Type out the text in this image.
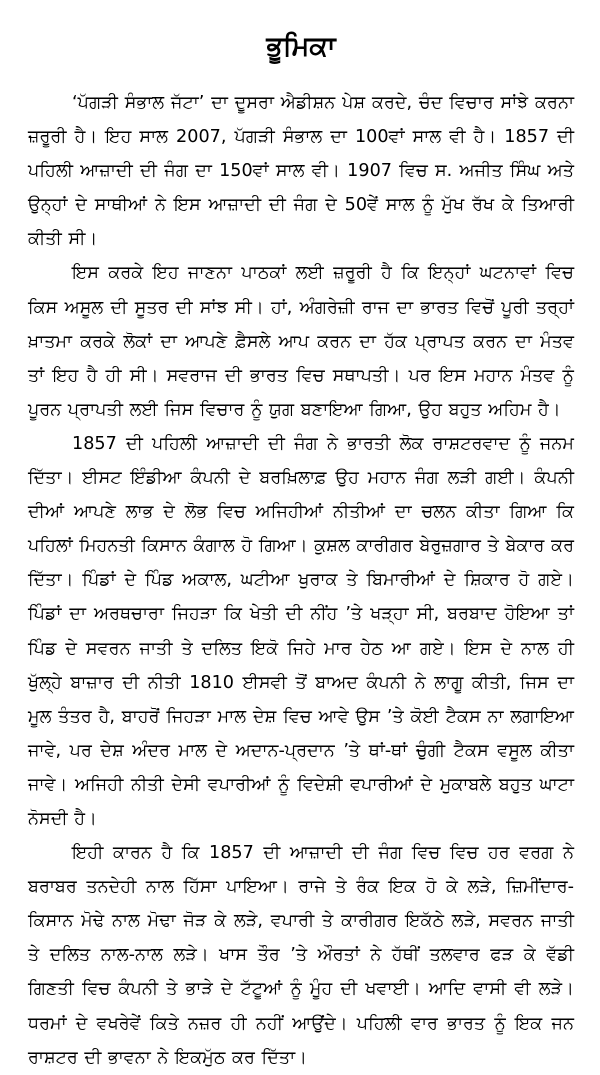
ਭੂਮਿਕਾ

‘ਪੱਗੜੀ ਸੰਭਾਲ ਜੱਟਾ’ ਦਾ ਦੂਸਰਾ ਐਡੀਸ਼ਨ ਪੇਸ਼ ਕਰਦੇ, ਚੰਦ ਵਿਚਾਰ ਸਾਂਝੇ ਕਰਨਾ ਜ਼ਰੂਰੀ ਹੈ। ਇਹ ਸਾਲ 2007, ਪੱਗੜੀ ਸੰਭਾਲ ਦਾ 100ਵਾਂ ਸਾਲ ਵੀ ਹੈ। 1857 ਦੀ ਪਹਿਲੀ ਆਜ਼ਾਦੀ ਦੀ ਜੰਗ ਦਾ 150ਵਾਂ ਸਾਲ ਵੀ। 1907 ਵਿਚ ਸ. ਅਜੀਤ ਸਿੰਘ ਅਤੇ ਉਨ੍ਹਾਂ ਦੇ ਸਾਥੀਆਂ ਨੇ ਇਸ ਆਜ਼ਾਦੀ ਦੀ ਜੰਗ ਦੇ 50ਵੇਂ ਸਾਲ ਨੂੰ ਮੁੱਖ ਰੱਖ ਕੇ ਤਿਆਰੀ ਕੀਤੀ ਸੀ।

ਇਸ ਕਰਕੇ ਇਹ ਜਾਣਨਾ ਪਾਠਕਾਂ ਲਈ ਜ਼ਰੂਰੀ ਹੈ ਕਿ ਇਨ੍ਹਾਂ ਘਟਨਾਵਾਂ ਵਿਚ ਕਿਸ ਅਸੂਲ ਦੀ ਸੂਤਰ ਦੀ ਸਾਂਝ ਸੀ। ਹਾਂ, ਅੰਗਰੇਜ਼ੀ ਰਾਜ ਦਾ ਭਾਰਤ ਵਿਚੋਂ ਪੂਰੀ ਤਰ੍ਹਾਂ ਖ਼ਾਤਮਾ ਕਰਕੇ ਲੋਕਾਂ ਦਾ ਆਪਣੇ ਫ਼ੈਸਲੇ ਆਪ ਕਰਨ ਦਾ ਹੱਕ ਪ੍ਰਾਪਤ ਕਰਨ ਦਾ ਮੰਤਵ ਤਾਂ ਇਹ ਹੈ ਹੀ ਸੀ। ਸਵਰਾਜ ਦੀ ਭਾਰਤ ਵਿਚ ਸਥਾਪਤੀ। ਪਰ ਇਸ ਮਹਾਨ ਮੰਤਵ ਨੂੰ ਪੂਰਨ ਪ੍ਰਾਪਤੀ ਲਈ ਜਿਸ ਵਿਚਾਰ ਨੂੰ ਯੁਗ ਬਣਾਇਆ ਗਿਆ, ਉਹ ਬਹੁਤ ਅਹਿਮ ਹੈ।

1857 ਦੀ ਪਹਿਲੀ ਆਜ਼ਾਦੀ ਦੀ ਜੰਗ ਨੇ ਭਾਰਤੀ ਲੋਕ ਰਾਸ਼ਟਰਵਾਦ ਨੂੰ ਜਨਮ ਦਿੱਤਾ। ਈਸਟ ਇੰਡੀਆ ਕੰਪਨੀ ਦੇ ਬਰਖ਼ਿਲਾਫ਼ ਉਹ ਮਹਾਨ ਜੰਗ ਲੜੀ ਗਈ। ਕੰਪਨੀ ਦੀਆਂ ਆਪਣੇ ਲਾਭ ਦੇ ਲੋਭ ਵਿਚ ਅਜਿਹੀਆਂ ਨੀਤੀਆਂ ਦਾ ਚਲਨ ਕੀਤਾ ਗਿਆ ਕਿ ਪਹਿਲਾਂ ਮਿਹਨਤੀ ਕਿਸਾਨ ਕੰਗਾਲ ਹੋ ਗਿਆ। ਕੁਸ਼ਲ ਕਾਰੀਗਰ ਬੇਰੁਜ਼ਗਾਰ ਤੇ ਬੇਕਾਰ ਕਰ ਦਿੱਤਾ। ਪਿੰਡਾਂ ਦੇ ਪਿੰਡ ਅਕਾਲ, ਘਟੀਆ ਖੁਰਾਕ ਤੇ ਬਿਮਾਰੀਆਂ ਦੇ ਸ਼ਿਕਾਰ ਹੋ ਗਏ। ਪਿੰਡਾਂ ਦਾ ਅਰਥਚਾਰਾ ਜਿਹੜਾ ਕਿ ਖੇਤੀ ਦੀ ਨੀਂਹ ’ਤੇ ਖੜ੍ਹਾ ਸੀ, ਬਰਬਾਦ ਹੋਇਆ ਤਾਂ ਪਿੰਡ ਦੇ ਸਵਰਨ ਜਾਤੀ ਤੇ ਦਲਿਤ ਇਕੋ ਜਿਹੇ ਮਾਰ ਹੇਠ ਆ ਗਏ। ਇਸ ਦੇ ਨਾਲ ਹੀ ਖੁੱਲ੍ਹੇ ਬਾਜ਼ਾਰ ਦੀ ਨੀਤੀ 1810 ਈਸਵੀ ਤੋਂ ਬਾਅਦ ਕੰਪਨੀ ਨੇ ਲਾਗੂ ਕੀਤੀ, ਜਿਸ ਦਾ ਮੂਲ ਤੰਤਰ ਹੈ, ਬਾਹਰੋਂ ਜਿਹੜਾ ਮਾਲ ਦੇਸ਼ ਵਿਚ ਆਵੇ ਉਸ ’ਤੇ ਕੋਈ ਟੈਕਸ ਨਾ ਲਗਾਇਆ ਜਾਵੇ, ਪਰ ਦੇਸ਼ ਅੰਦਰ ਮਾਲ ਦੇ ਅਦਾਨ-ਪ੍ਰਦਾਨ ’ਤੇ ਥਾਂ-ਥਾਂ ਚੁੰਗੀ ਟੈਕਸ ਵਸੂਲ ਕੀਤਾ ਜਾਵੇ। ਅਜਿਹੀ ਨੀਤੀ ਦੇਸੀ ਵਪਾਰੀਆਂ ਨੂੰ ਵਿਦੇਸ਼ੀ ਵਪਾਰੀਆਂ ਦੇ ਮੁਕਾਬਲੇ ਬਹੁਤ ਘਾਟਾ ਨੋਸਦੀ ਹੈ।

ਇਹੀ ਕਾਰਨ ਹੈ ਕਿ 1857 ਦੀ ਆਜ਼ਾਦੀ ਦੀ ਜੰਗ ਵਿਚ ਵਿਚ ਹਰ ਵਰਗ ਨੇ ਬਰਾਬਰ ਤਨਦੇਹੀ ਨਾਲ ਹਿੱਸਾ ਪਾਇਆ। ਰਾਜੇ ਤੇ ਰੰਕ ਇਕ ਹੋ ਕੇ ਲੜੇ, ਜ਼ਿਮੀਂਦਾਰ-ਕਿਸਾਨ ਮੋਢੇ ਨਾਲ ਮੋਢਾ ਜੋੜ ਕੇ ਲੜੇ, ਵਪਾਰੀ ਤੇ ਕਾਰੀਗਰ ਇਕੱਠੇ ਲੜੇ, ਸਵਰਨ ਜਾਤੀ ਤੇ ਦਲਿਤ ਨਾਲ-ਨਾਲ ਲੜੇ। ਖਾਸ ਤੌਰ ’ਤੇ ਔਰਤਾਂ ਨੇ ਹੱਥੀਂ ਤਲਵਾਰ ਫੜ ਕੇ ਵੱਡੀ ਗਿਣਤੀ ਵਿਚ ਕੰਪਨੀ ਤੇ ਭਾੜੇ ਦੇ ਟੱਟੂਆਂ ਨੂੰ ਮੂੰਹ ਦੀ ਖਵਾਈ। ਆਦਿ ਵਾਸੀ ਵੀ ਲੜੇ। ਧਰਮਾਂ ਦੇ ਵਖਰੇਵੇਂ ਕਿਤੇ ਨਜ਼ਰ ਹੀ ਨਹੀਂ ਆਉਂਦੇ। ਪਹਿਲੀ ਵਾਰ ਭਾਰਤ ਨੂੰ ਇਕ ਜਨ ਰਾਸ਼ਟਰ ਦੀ ਭਾਵਨਾ ਨੇ ਇਕਮੁੱਠ ਕਰ ਦਿੱਤਾ।
